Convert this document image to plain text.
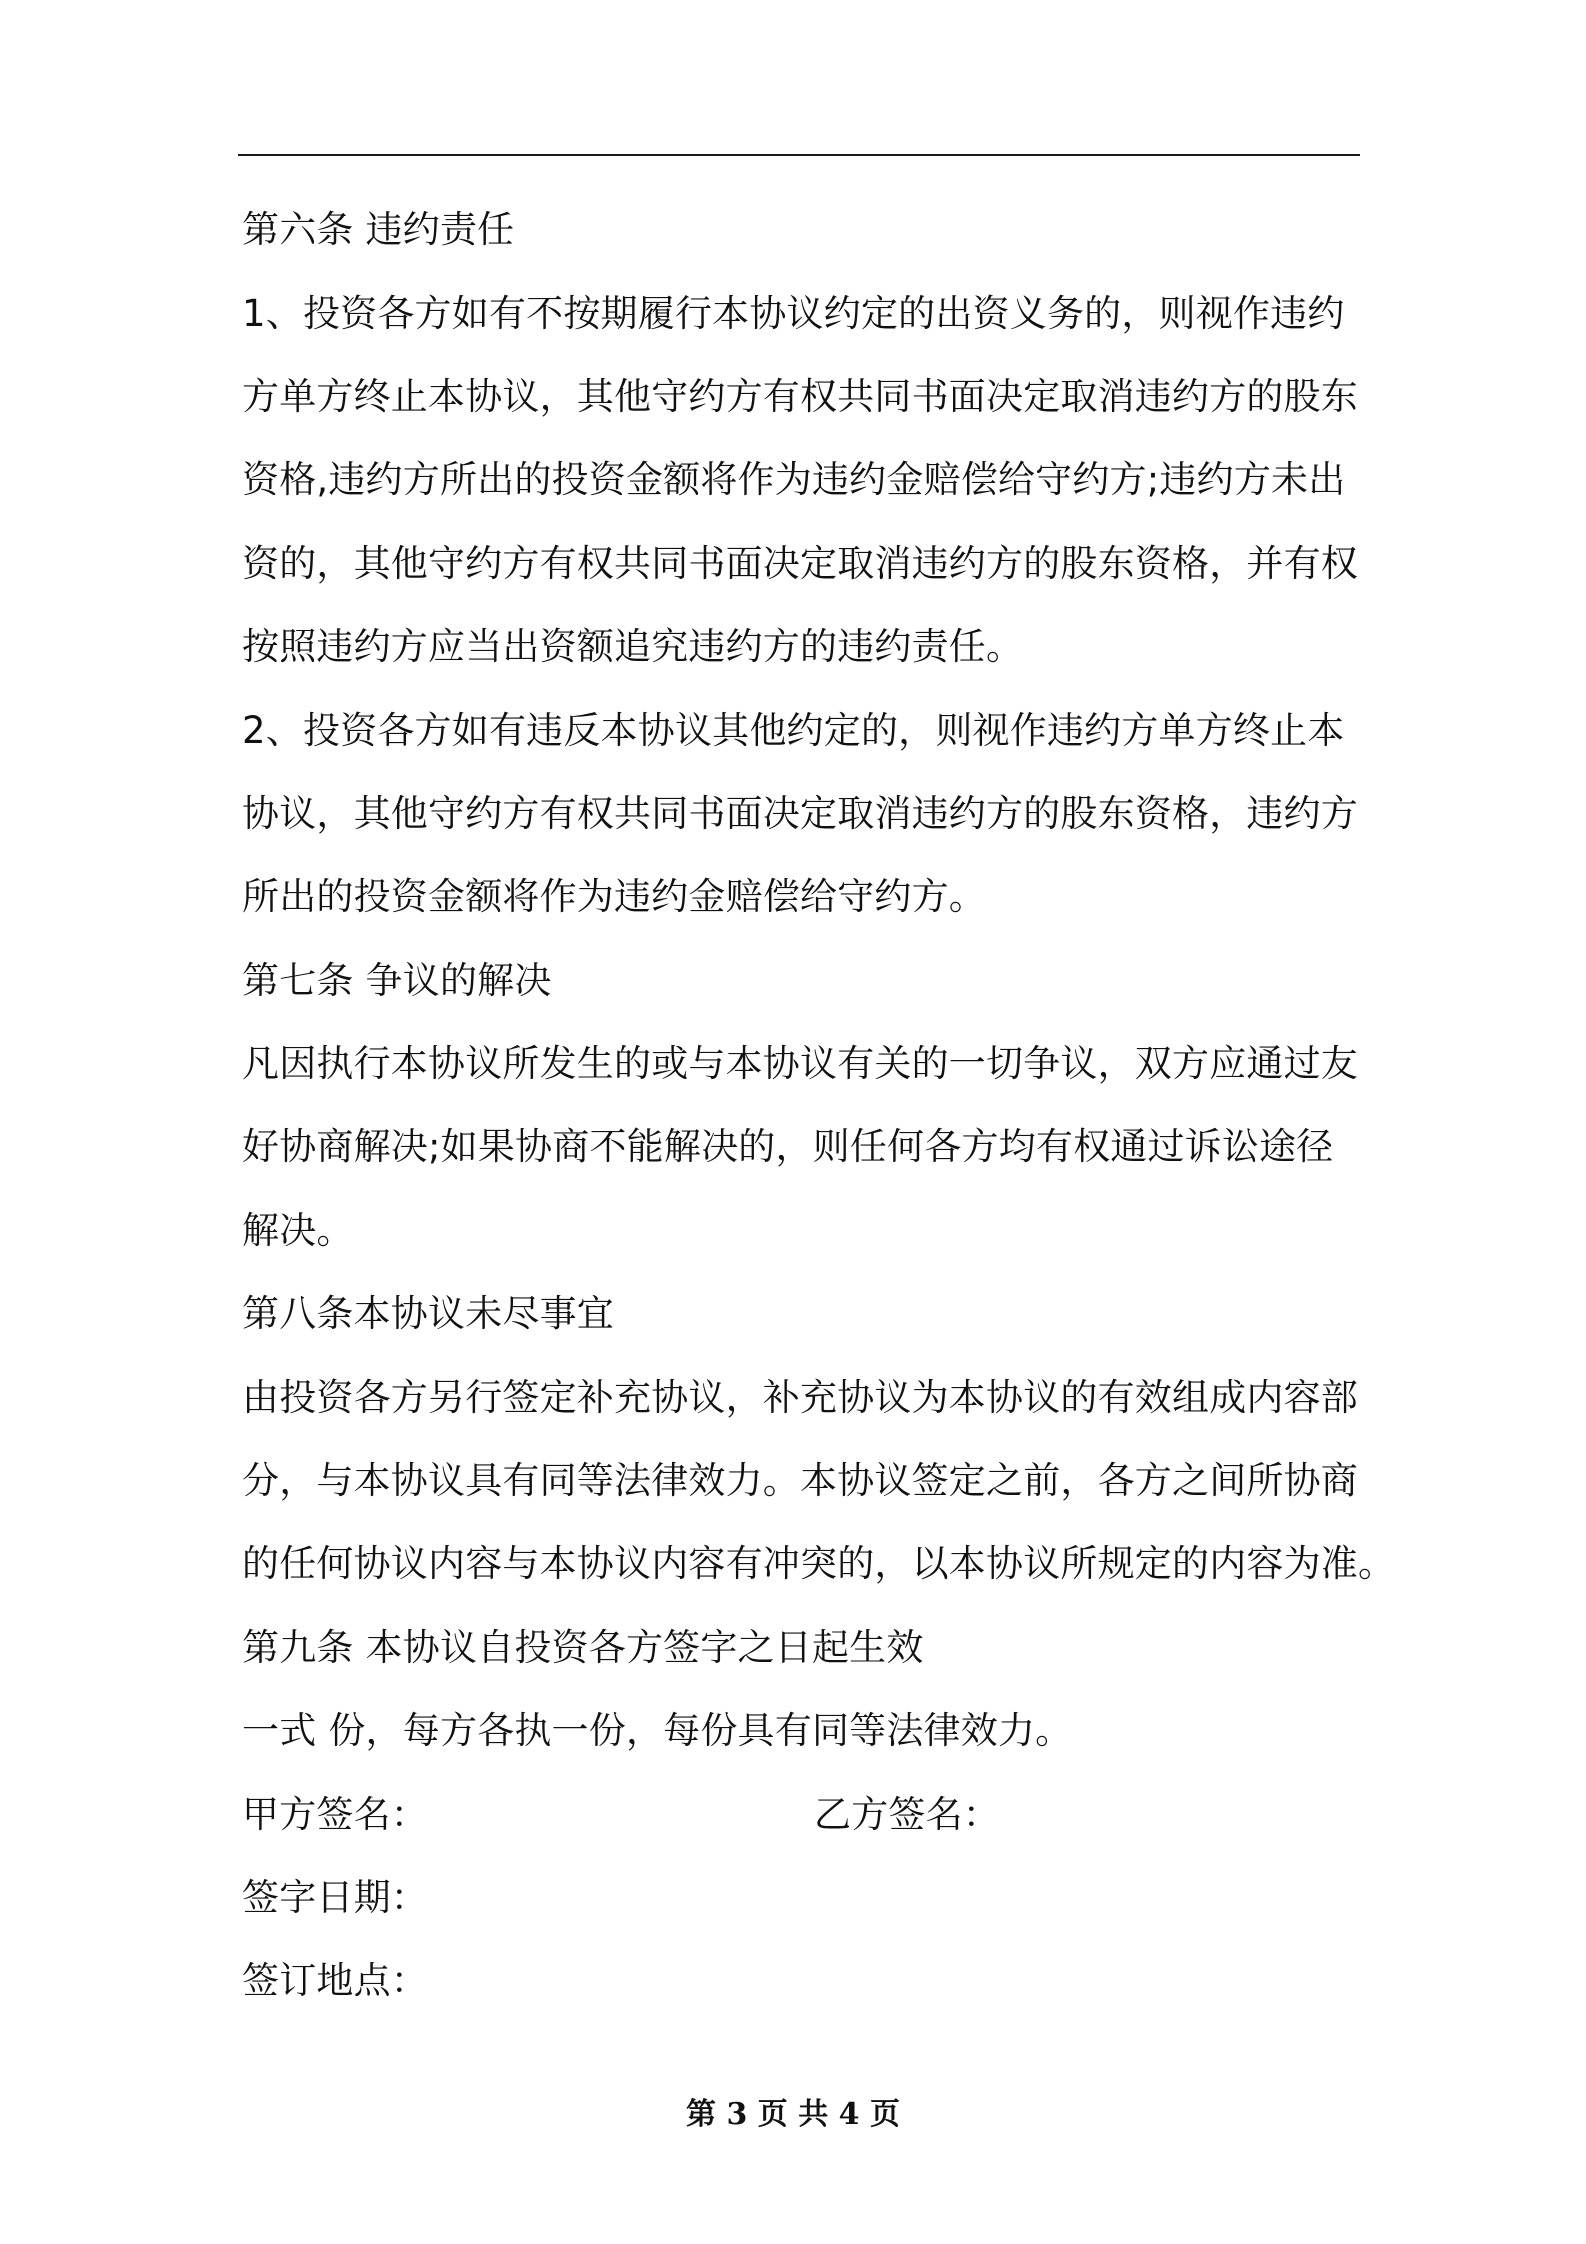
第六条 违约责任
1、投资各方如有不按期履行本协议约定的出资义务的，则视作违约
方单方终止本协议，其他守约方有权共同书面决定取消违约方的股东
资格,违约方所出的投资金额将作为违约金赔偿给守约方;违约方未出
资的，其他守约方有权共同书面决定取消违约方的股东资格，并有权
按照违约方应当出资额追究违约方的违约责任。
2、投资各方如有违反本协议其他约定的，则视作违约方单方终止本
协议，其他守约方有权共同书面决定取消违约方的股东资格，违约方
所出的投资金额将作为违约金赔偿给守约方。
第七条 争议的解决
凡因执行本协议所发生的或与本协议有关的一切争议，双方应通过友
好协商解决;如果协商不能解决的，则任何各方均有权通过诉讼途径
解决。
第八条本协议未尽事宜
由投资各方另行签定补充协议，补充协议为本协议的有效组成内容部
分，与本协议具有同等法律效力。本协议签定之前，各方之间所协商
的任何协议内容与本协议内容有冲突的，以本协议所规定的内容为准。
第九条 本协议自投资各方签字之日起生效
一式 份，每方各执一份，每份具有同等法律效力。
甲方签名：	乙方签名：
签字日期：
签订地点：
第 3 页 共 4 页
